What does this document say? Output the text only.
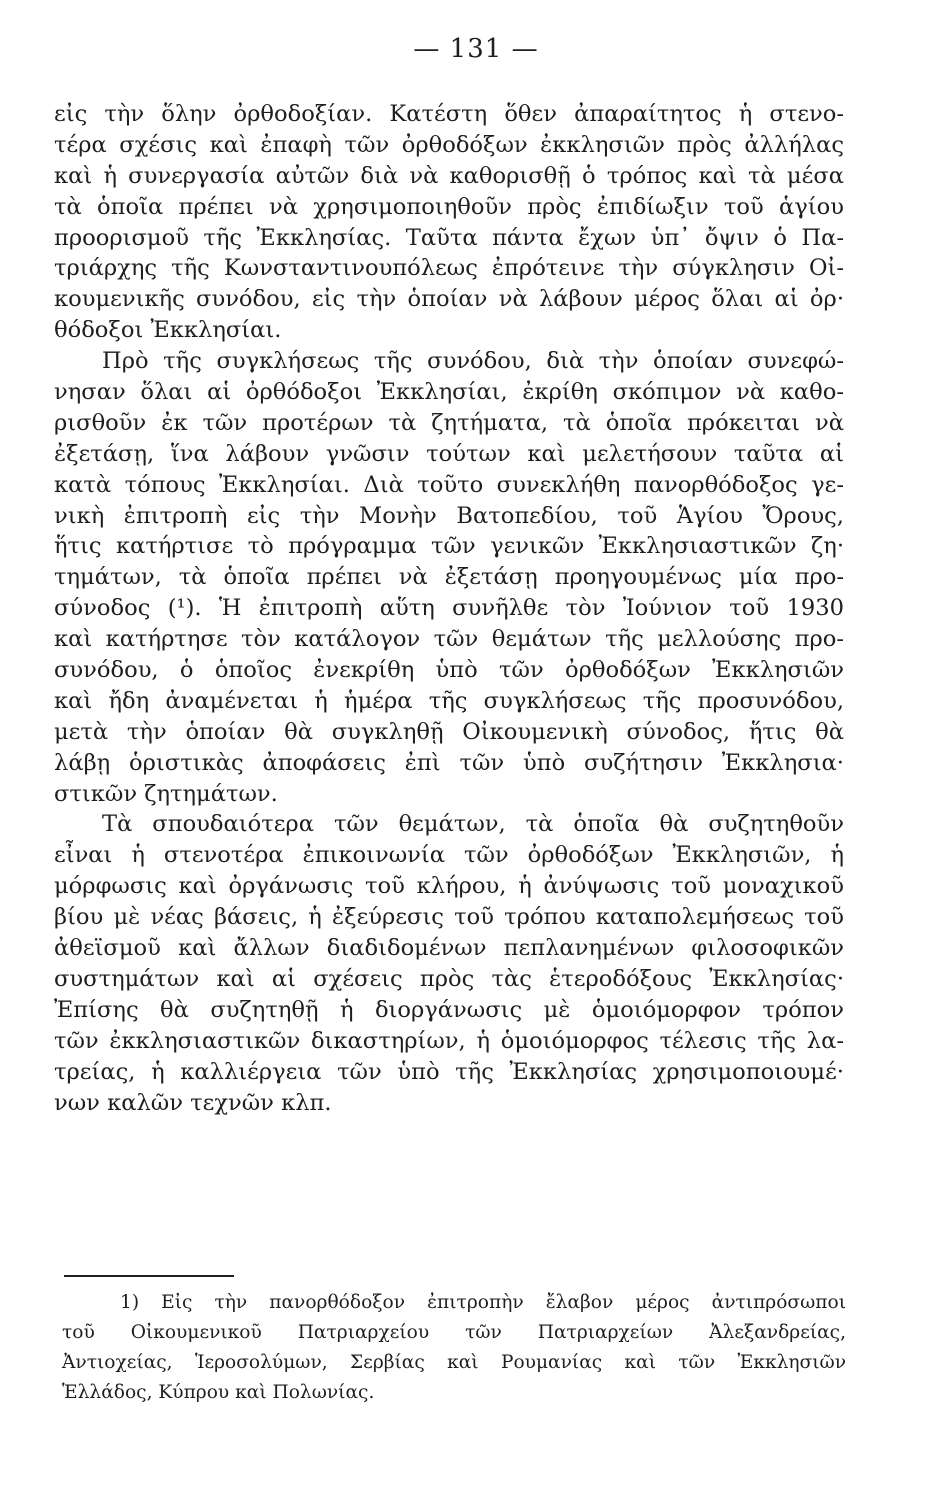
— 131 —
εἰς τὴν ὅλην ὀρθοδοξίαν. Κατέστη ὅθεν ἀπαραίτητος ἡ στενο-
τέρα σχέσις καὶ ἐπαφὴ τῶν ὀρθοδόξων ἐκκλησιῶν πρὸς ἀλλήλας
καὶ ἡ συνεργασία αὐτῶν διὰ νὰ καθορισθῇ ὁ τρόπος καὶ τὰ μέσα
τὰ ὁποῖα πρέπει νὰ χρησιμοποιηθοῦν πρὸς ἐπιδίωξιν τοῦ ἁγίου
προορισμοῦ τῆς Ἐκκλησίας. Ταῦτα πάντα ἔχων ὑπ᾽ ὄψιν ὁ Πα-
τριάρχης τῆς Κωνσταντινουπόλεως ἐπρότεινε τὴν σύγκλησιν Οἰ-
κουμενικῆς συνόδου, εἰς τὴν ὁποίαν νὰ λάβουν μέρος ὅλαι αἱ ὀρ·
θόδοξοι Ἐκκλησίαι.
Πρὸ τῆς συγκλήσεως τῆς συνόδου, διὰ τὴν ὁποίαν συνεφώ-
νησαν ὅλαι αἱ ὀρθόδοξοι Ἐκκλησίαι, ἐκρίθη σκόπιμον νὰ καθο-
ρισθοῦν ἐκ τῶν προτέρων τὰ ζητήματα, τὰ ὁποῖα πρόκειται νὰ
ἐξετάσῃ, ἵνα λάβουν γνῶσιν τούτων καὶ μελετήσουν ταῦτα αἱ
κατὰ τόπους Ἐκκλησίαι. Διὰ τοῦτο συνεκλήθη πανορθόδοξος γε-
νικὴ ἐπιτροπὴ εἰς τὴν Μονὴν Βατοπεδίου, τοῦ Ἁγίου Ὄρους,
ἥτις κατήρτισε τὸ πρόγραμμα τῶν γενικῶν Ἐκκλησιαστικῶν ζη·
τημάτων, τὰ ὁποῖα πρέπει νὰ ἐξετάσῃ προηγουμένως μία προ-
σύνοδος (¹). Ἡ ἐπιτροπὴ αὕτη συνῆλθε τὸν Ἰούνιον τοῦ 1930
καὶ κατήρτησε τὸν κατάλογον τῶν θεμάτων τῆς μελλούσης προ-
συνόδου, ὁ ὁποῖος ἐνεκρίθη ὑπὸ τῶν ὀρθοδόξων Ἐκκλησιῶν
καὶ ἤδη ἀναμένεται ἡ ἡμέρα τῆς συγκλήσεως τῆς προσυνόδου,
μετὰ τὴν ὁποίαν θὰ συγκληθῇ Οἰκουμενικὴ σύνοδος, ἥτις θὰ
λάβῃ ὁριστικὰς ἀποφάσεις ἐπὶ τῶν ὑπὸ συζήτησιν Ἐκκλησια·
στικῶν ζητημάτων.
Τὰ σπουδαιότερα τῶν θεμάτων, τὰ ὁποῖα θὰ συζητηθοῦν
εἶναι ἡ στενοτέρα ἐπικοινωνία τῶν ὀρθοδόξων Ἐκκλησιῶν, ἡ
μόρφωσις καὶ ὀργάνωσις τοῦ κλήρου, ἡ ἀνύψωσις τοῦ μοναχικοῦ
βίου μὲ νέας βάσεις, ἡ ἐξεύρεσις τοῦ τρόπου καταπολεμήσεως τοῦ
ἀθεϊσμοῦ καὶ ἄλλων διαδιδομένων πεπλανημένων φιλοσοφικῶν
συστημάτων καὶ αἱ σχέσεις πρὸς τὰς ἑτεροδόξους Ἐκκλησίας·
Ἐπίσης θὰ συζητηθῇ ἡ διοργάνωσις μὲ ὁμοιόμορφον τρόπον
τῶν ἐκκλησιαστικῶν δικαστηρίων, ἡ ὁμοιόμορφος τέλεσις τῆς λα-
τρείας, ἡ καλλιέργεια τῶν ὑπὸ τῆς Ἐκκλησίας χρησιμοποιουμέ·
νων καλῶν τεχνῶν κλπ.
1) Εἰς τὴν πανορθόδοξον ἐπιτροπὴν ἔλαβον μέρος ἀντιπρόσωποι
τοῦ Οἰκουμενικοῦ Πατριαρχείου τῶν Πατριαρχείων Ἀλεξανδρείας,
Ἀντιοχείας, Ἱεροσολύμων, Σερβίας καὶ Ρουμανίας καὶ τῶν Ἐκκλησιῶν
Ἑλλάδος, Κύπρου καὶ Πολωνίας.
